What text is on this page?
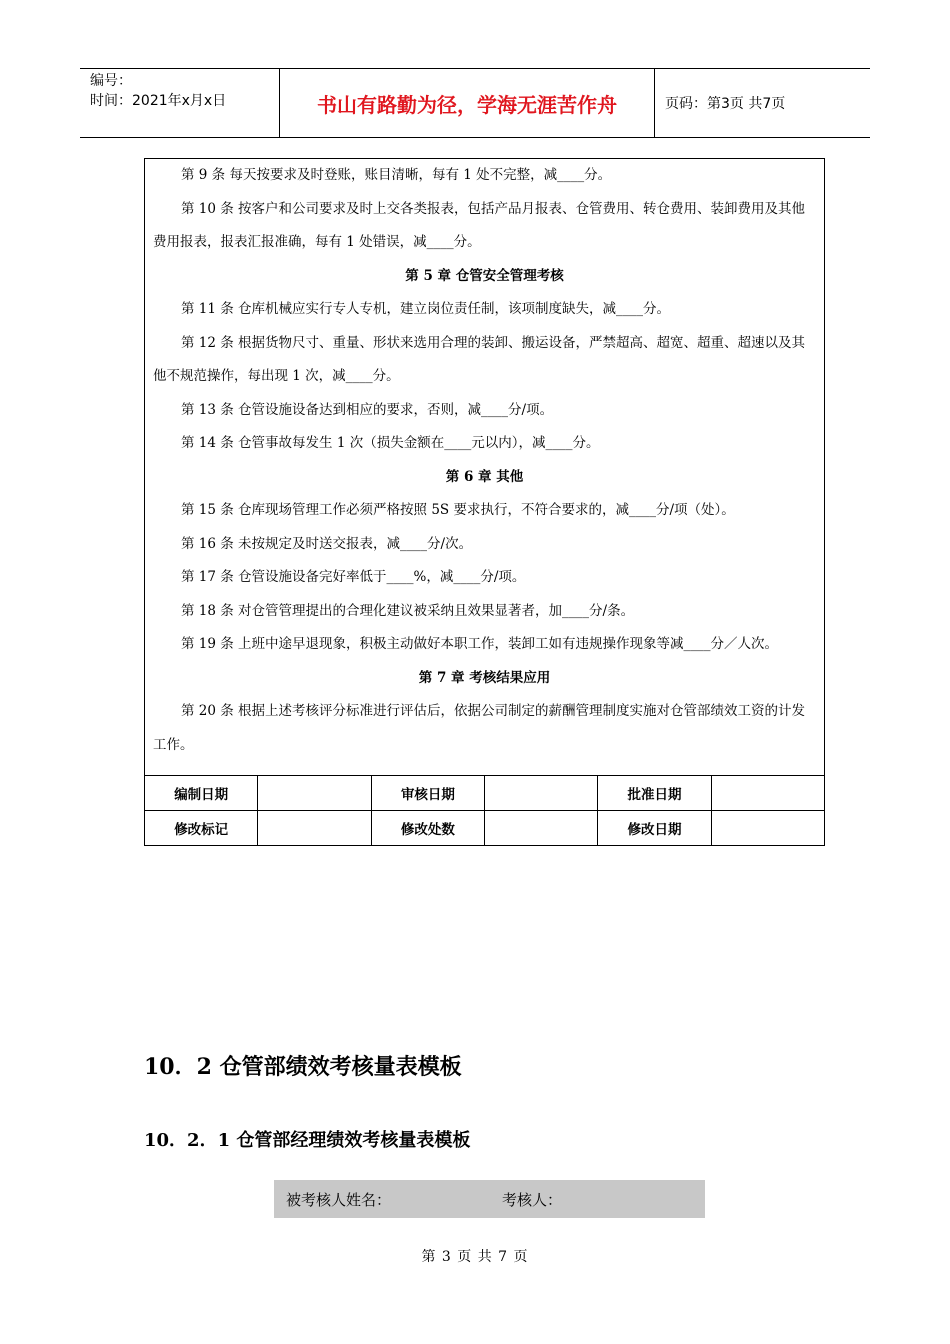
编号：
时间：2021年x月x日	书山有路勤为径，学海无涯苦作舟	页码：第3页 共7页

第 9 条 每天按要求及时登账，账目清晰，每有 1 处不完整，减____分。

第 10 条 按客户和公司要求及时上交各类报表，包括产品月报表、仓管费用、转仓费用、装卸费用及其他费用报表，报表汇报准确，每有 1 处错误，减____分。

第 5 章 仓管安全管理考核

第 11 条 仓库机械应实行专人专机，建立岗位责任制，该项制度缺失，减____分。

第 12 条 根据货物尺寸、重量、形状来选用合理的装卸、搬运设备，严禁超高、超宽、超重、超速以及其他不规范操作，每出现 1 次，减____分。

第 13 条 仓管设施设备达到相应的要求，否则，减____分/项。

第 14 条 仓管事故每发生 1 次（损失金额在____元以内），减____分。

第 6 章 其他

第 15 条 仓库现场管理工作必须严格按照 5S 要求执行，不符合要求的，减____分/项（处）。

第 16 条 未按规定及时送交报表，减____分/次。

第 17 条 仓管设施设备完好率低于____%，减____分/项。

第 18 条 对仓管管理提出的合理化建议被采纳且效果显著者，加____分/条。

第 19 条 上班中途早退现象，积极主动做好本职工作，装卸工如有违规操作现象等减____分／人次。

第 7 章 考核结果应用

第 20 条 根据上述考核评分标准进行评估后，依据公司制定的薪酬管理制度实施对仓管部绩效工资的计发工作。

编制日期		审核日期		批准日期	
修改标记		修改处数		修改日期	
10．2 仓管部绩效考核量表模板
10．2．1 仓管部经理绩效考核量表模板
被考核人姓名：	考核人：
第 3 页 共 7 页
